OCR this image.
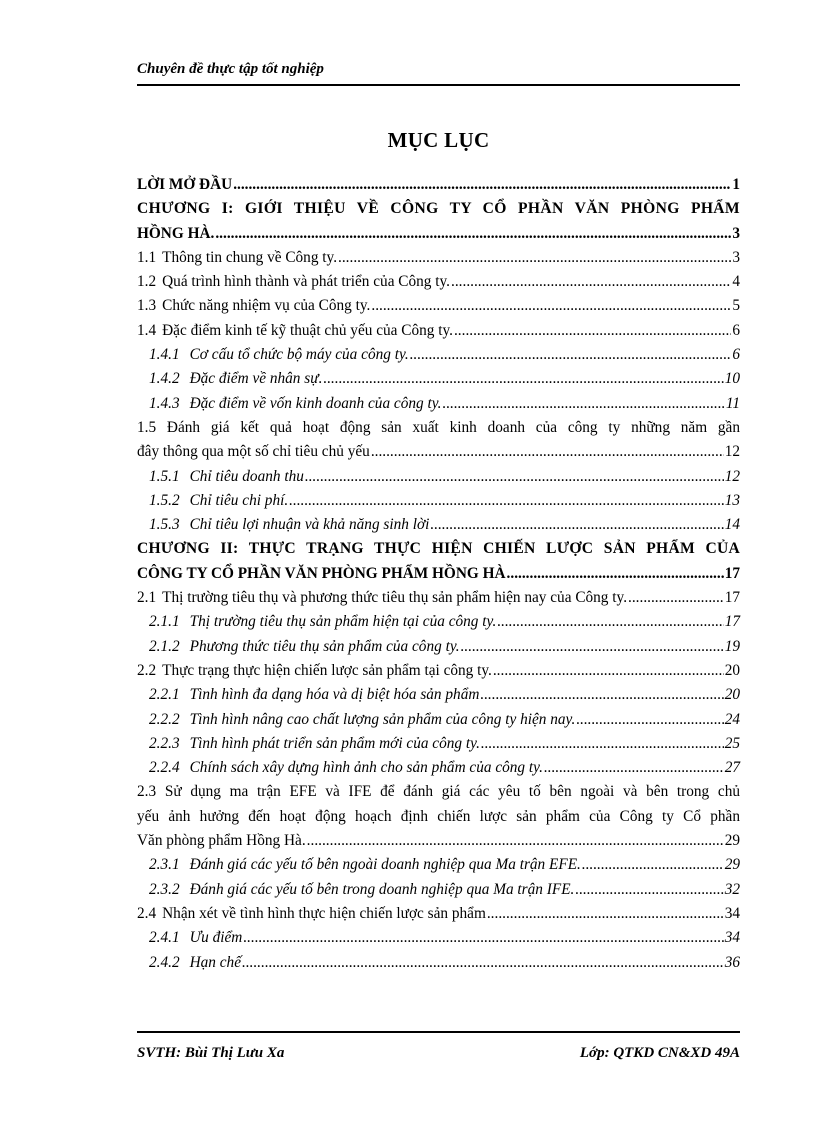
Chuyên đề thực tập tốt nghiệp
MỤC LỤC
LỜI MỞ ĐẦU .....	1
CHƯƠNG I: GIỚI THIỆU VỀ CÔNG TY CỔ PHẦN VĂN PHÒNG PHẨM
HỒNG HÀ. .....	3
1.1 Thông tin chung về Công ty. .....	3
1.2 Quá trình hình thành và phát triển của Công ty. .....	4
1.3 Chức năng nhiệm vụ của Công ty. .....	5
1.4 Đặc điểm kinh tế kỹ thuật chủ yếu của Công ty. .....	6
1.4.1 Cơ cấu tổ chức bộ máy của công ty. .....	6
1.4.2 Đặc điểm về nhân sự. .....	10
1.4.3 Đặc điểm về vốn kinh doanh của công ty. .....	11
1.5 Đánh giá kết quả hoạt động sản xuất kinh doanh của công ty những năm gần
đây thông qua một số chỉ tiêu chủ yếu .....	12
1.5.1 Chỉ tiêu doanh thu .....	12
1.5.2 Chỉ tiêu chi phí. .....	13
1.5.3 Chỉ tiêu lợi nhuận và khả năng sinh lời .....	14
CHƯƠNG II: THỰC TRẠNG THỰC HIỆN CHIẾN LƯỢC SẢN PHẨM CỦA
CÔNG TY CỔ PHẦN VĂN PHÒNG PHẨM HỒNG HÀ .....	17
2.1 Thị trường tiêu thụ và phương thức tiêu thụ sản phẩm hiện nay của Công ty. .....	17
2.1.1 Thị trường tiêu thụ sản phẩm hiện tại của công ty. .....	17
2.1.2 Phương thức tiêu thụ sản phẩm của công ty. .....	19
2.2 Thực trạng thực hiện chiến lược sản phẩm tại công ty. .....	20
2.2.1 Tình hình đa dạng hóa và dị biệt hóa sản phẩm .....	20
2.2.2 Tình hình nâng cao chất lượng sản phẩm của công ty hiện nay. .....	24
2.2.3 Tình hình phát triển sản phẩm mới của công ty. .....	25
2.2.4 Chính sách xây dựng hình ảnh cho sản phẩm của công ty. .....	27
2.3 Sử dụng ma trận EFE và IFE để đánh giá các yêu tố bên ngoài và bên trong chủ
yếu ảnh hưởng đến hoạt động hoạch định chiến lược sản phẩm của Công ty Cổ phần
Văn phòng phẩm Hồng Hà. .....	29
2.3.1 Đánh giá các yếu tố bên ngoài doanh nghiệp qua Ma trận EFE. .....	29
2.3.2 Đánh giá các yếu tố bên trong doanh nghiệp qua Ma trận IFE. .....	32
2.4 Nhận xét về tình hình thực hiện chiến lược sản phẩm .....	34
2.4.1 Ưu điểm .....	34
2.4.2 Hạn chế .....	36
SVTH: Bùi Thị Lưu Xa	Lớp: QTKD CN&XD 49A
